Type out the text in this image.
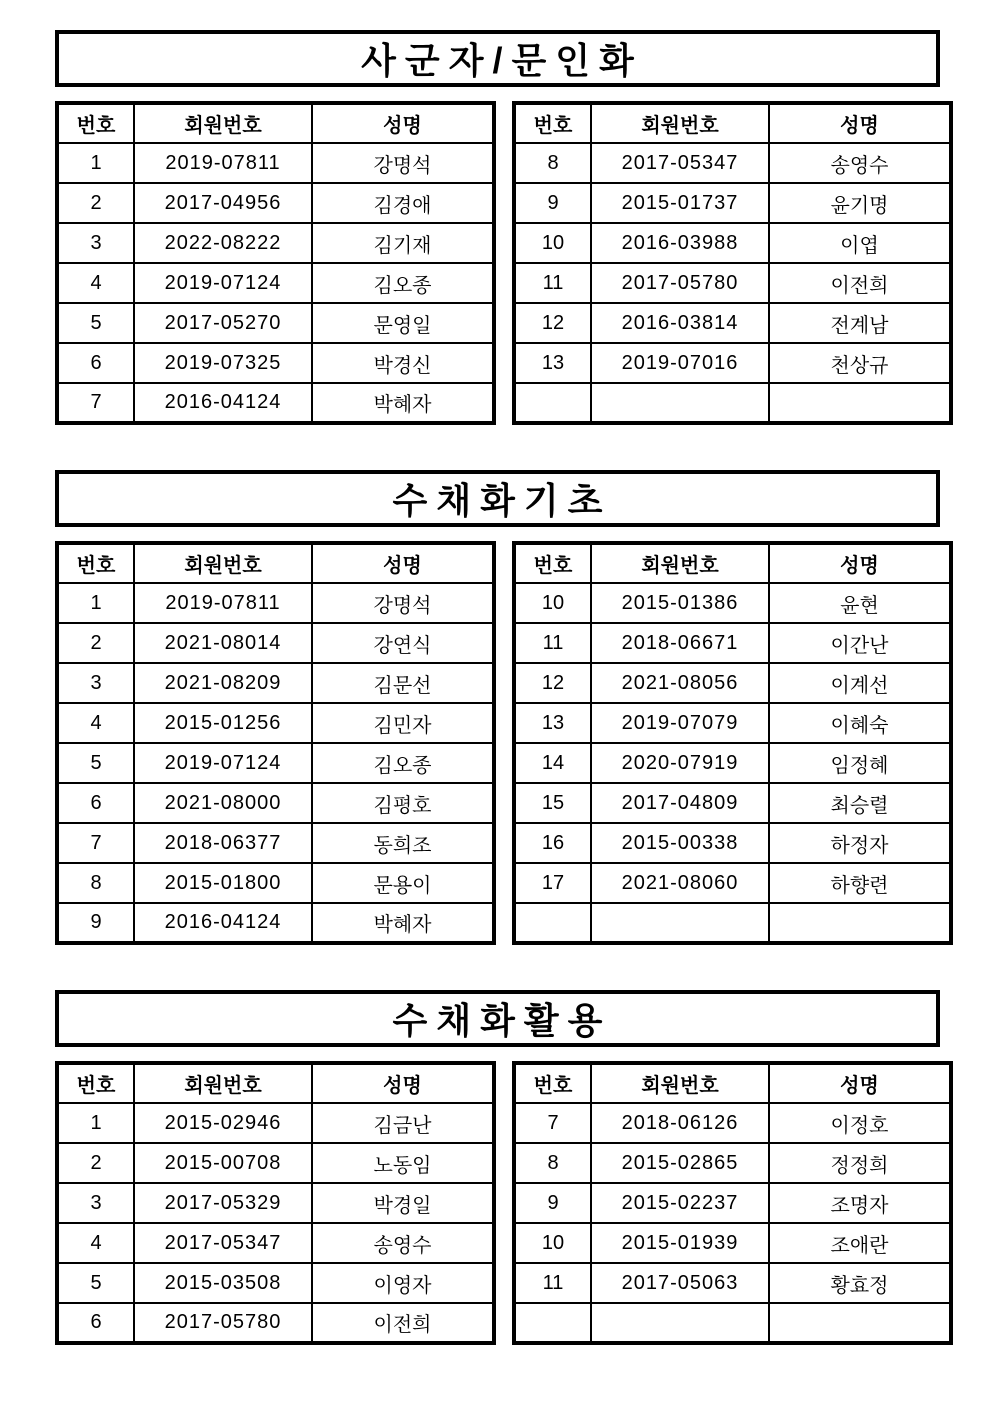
사군자/문인화
번호	회원번호	성명
1	2019-07811	강명석
2	2017-04956	김경애
3	2022-08222	김기재
4	2019-07124	김오종
5	2017-05270	문영일
6	2019-07325	박경신
7	2016-04124	박혜자
번호	회원번호	성명
8	2017-05347	송영수
9	2015-01737	윤기명
10	2016-03988	이엽
11	2017-05780	이전희
12	2016-03814	전계남
13	2019-07016	천상규

수채화기초
번호	회원번호	성명
1	2019-07811	강명석
2	2021-08014	강연식
3	2021-08209	김문선
4	2015-01256	김민자
5	2019-07124	김오종
6	2021-08000	김평호
7	2018-06377	동희조
8	2015-01800	문용이
9	2016-04124	박혜자
번호	회원번호	성명
10	2015-01386	윤현
11	2018-06671	이간난
12	2021-08056	이계선
13	2019-07079	이혜숙
14	2020-07919	임정혜
15	2017-04809	최승렬
16	2015-00338	하정자
17	2021-08060	하향련

수채화활용
번호	회원번호	성명
1	2015-02946	김금난
2	2015-00708	노동임
3	2017-05329	박경일
4	2017-05347	송영수
5	2015-03508	이영자
6	2017-05780	이전희
번호	회원번호	성명
7	2018-06126	이정호
8	2015-02865	정정희
9	2015-02237	조명자
10	2015-01939	조애란
11	2017-05063	황효정
